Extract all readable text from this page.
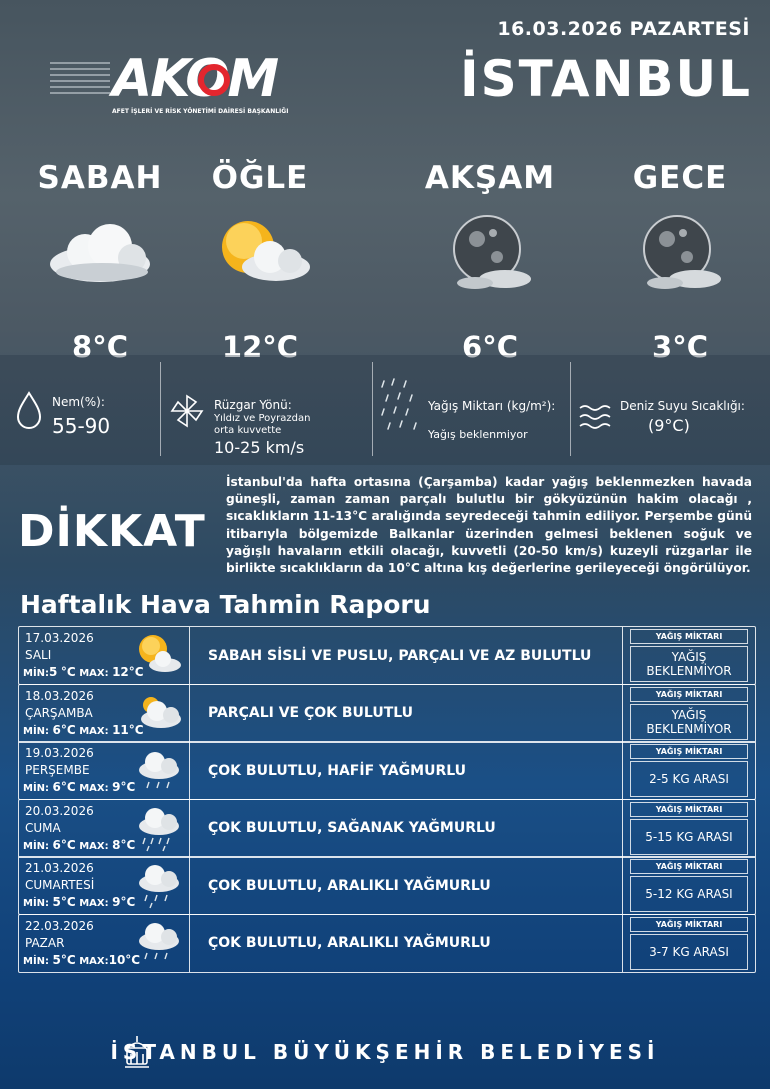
16.03.2026 PAZARTESİ
İSTANBUL
AKOM
AFET İŞLERİ VE RİSK YÖNETİMİ DAİRESİ BAŞKANLIĞI
SABAH
8°C
ÖĞLE
12°C
AKŞAM
6°C
GECE
3°C
Nem(%):
55-90
Rüzgar Yönü:
Yıldız ve Poyrazdan
orta kuvvette
10-25 km/s
Yağış Miktarı (kg/m²):
Yağış beklenmiyor
Deniz Suyu Sıcaklığı:
(9°C)
DİKKAT
İstanbul'da hafta ortasına (Çarşamba) kadar yağış beklenmezken havada güneşli, zaman zaman parçalı bulutlu bir gökyüzünün hakim olacağı , sıcaklıkların 11-13°C aralığında seyredeceği tahmin ediliyor. Perşembe günü itibarıyla bölgemizde Balkanlar üzerinden gelmesi beklenen soğuk ve yağışlı havaların etkili olacağı, kuvvetli (20-50 km/s) kuzeyli rüzgarlar ile birlikte sıcaklıkların da 10°C altına kış değerlerine gerileyeceği öngörülüyor.
Haftalık Hava Tahmin Raporu
17.03.2026
SALI
MİN:5 °C MAX: 12°C
SABAH SİSLİ VE PUSLU, PARÇALI VE AZ BULUTLU
YAĞIŞ MİKTARI
YAĞIŞ BEKLENMİYOR
18.03.2026
ÇARŞAMBA
MİN: 6°C MAX: 11°C
PARÇALI VE ÇOK BULUTLU
YAĞIŞ MİKTARI
YAĞIŞ BEKLENMİYOR
19.03.2026
PERŞEMBE
MİN: 6°C MAX: 9°C
ÇOK BULUTLU, HAFİF YAĞMURLU
YAĞIŞ MİKTARI
2-5 KG ARASI
20.03.2026
CUMA
MİN: 6°C MAX: 8°C
ÇOK BULUTLU, SAĞANAK YAĞMURLU
YAĞIŞ MİKTARI
5-15 KG ARASI
21.03.2026
CUMARTESİ
MİN: 5°C MAX: 9°C
ÇOK BULUTLU, ARALIKLI YAĞMURLU
YAĞIŞ MİKTARI
5-12 KG ARASI
22.03.2026
PAZAR
MİN: 5°C MAX:10°C
ÇOK BULUTLU, ARALIKLI YAĞMURLU
YAĞIŞ MİKTARI
3-7 KG ARASI
İSTANBUL BÜYÜKŞEHİR BELEDİYESİ
